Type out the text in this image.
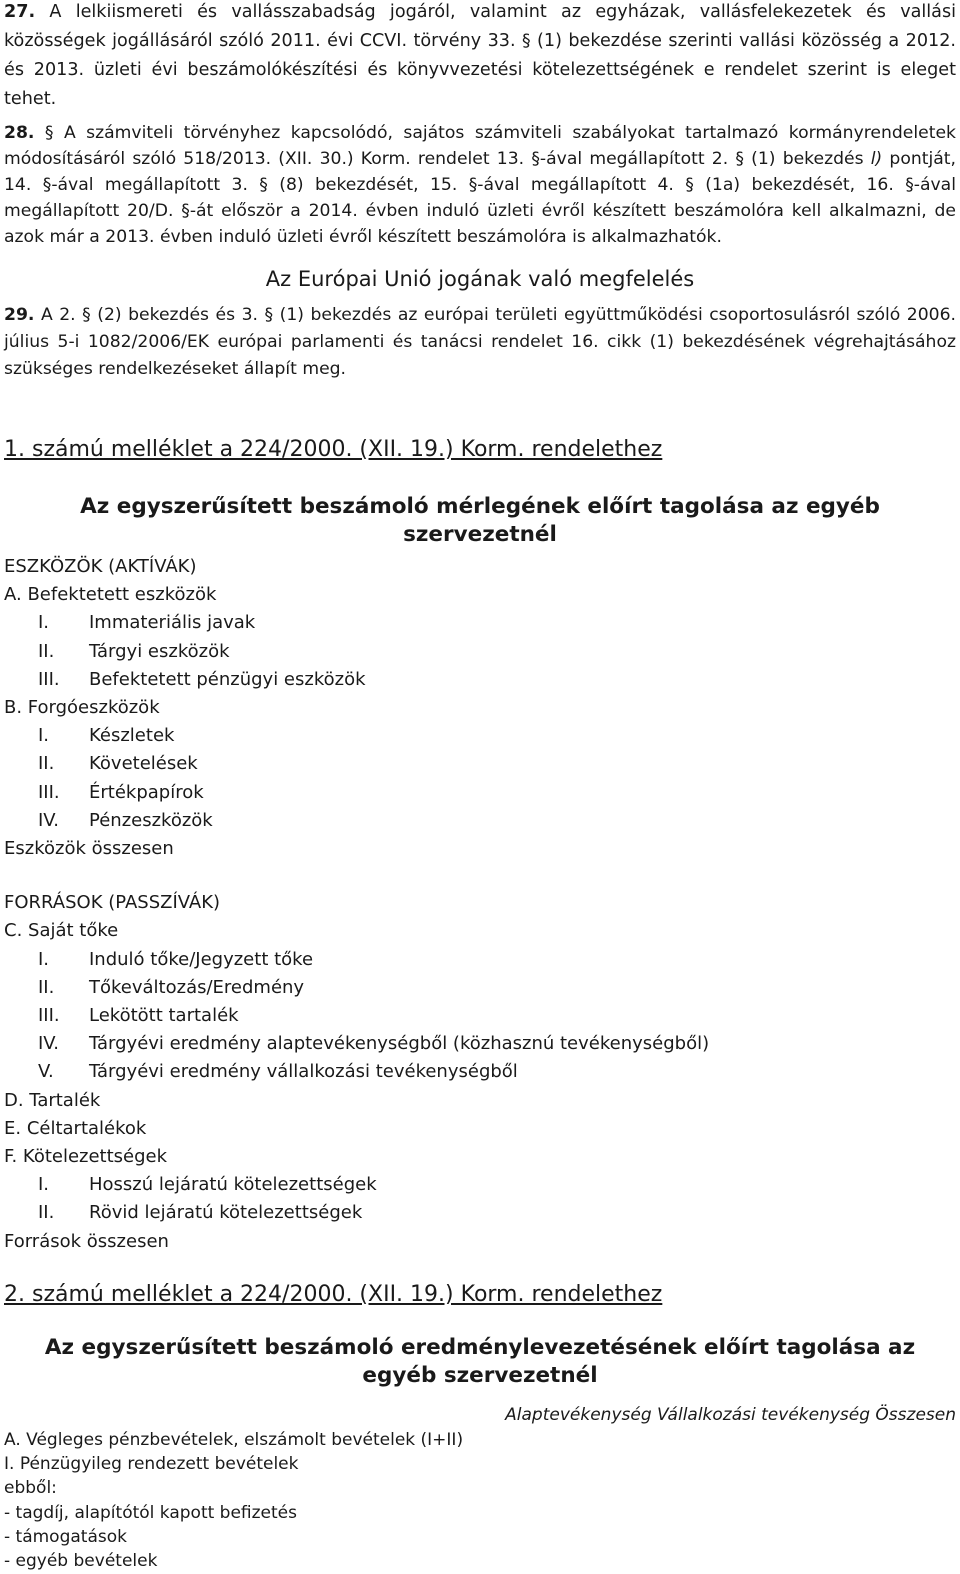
27. A lelkiismereti és vallásszabadság jogáról, valamint az egyházak, vallásfelekezetek és vallási közösségek jogállásáról szóló 2011. évi CCVI. törvény 33. § (1) bekezdése szerinti vallási közösség a 2012. és 2013. üzleti évi beszámolókészítési és könyvvezetési kötelezettségének e rendelet szerint is eleget tehet.

28. § A számviteli törvényhez kapcsolódó, sajátos számviteli szabályokat tartalmazó kormányrendeletek módosításáról szóló 518/2013. (XII. 30.) Korm. rendelet 13. §-ával megállapított 2. § (1) bekezdés l) pontját, 14. §-ával megállapított 3. § (8) bekezdését, 15. §-ával megállapított 4. § (1a) bekezdését, 16. §-ával megállapított 20/D. §-át először a 2014. évben induló üzleti évről készített beszámolóra kell alkalmazni, de azok már a 2013. évben induló üzleti évről készített beszámolóra is alkalmazhatók.

Az Európai Unió jogának való megfelelés

29. A 2. § (2) bekezdés és 3. § (1) bekezdés az európai területi együttműködési csoportosulásról szóló 2006. július 5-i 1082/2006/EK európai parlamenti és tanácsi rendelet 16. cikk (1) bekezdésének végrehajtásához szükséges rendelkezéseket állapít meg.

1. számú melléklet a 224/2000. (XII. 19.) Korm. rendelethez

Az egyszerűsített beszámoló mérlegének előírt tagolása az egyéb szervezetnél

ESZKÖZÖK (AKTÍVÁK)
A. Befektetett eszközök
I. Immateriális javak
II. Tárgyi eszközök
III. Befektetett pénzügyi eszközök
B. Forgóeszközök
I. Készletek
II. Követelések
III. Értékpapírok
IV. Pénzeszközök
Eszközök összesen
FORRÁSOK (PASSZÍVÁK)
C. Saját tőke
I. Induló tőke/Jegyzett tőke
II. Tőkeváltozás/Eredmény
III. Lekötött tartalék
IV. Tárgyévi eredmény alaptevékenységből (közhasznú tevékenységből)
V. Tárgyévi eredmény vállalkozási tevékenységből
D. Tartalék
E. Céltartalékok
F. Kötelezettségek
I. Hosszú lejáratú kötelezettségek
II. Rövid lejáratú kötelezettségek
Források összesen

2. számú melléklet a 224/2000. (XII. 19.) Korm. rendelethez

Az egyszerűsített beszámoló eredménylevezetésének előírt tagolása az egyéb szervezetnél

Alaptevékenység Vállalkozási tevékenység Összesen
A. Végleges pénzbevételek, elszámolt bevételek (I+II)
I. Pénzügyileg rendezett bevételek
ebből:
- tagdíj, alapítótól kapott befizetés
- támogatások
- egyéb bevételek
